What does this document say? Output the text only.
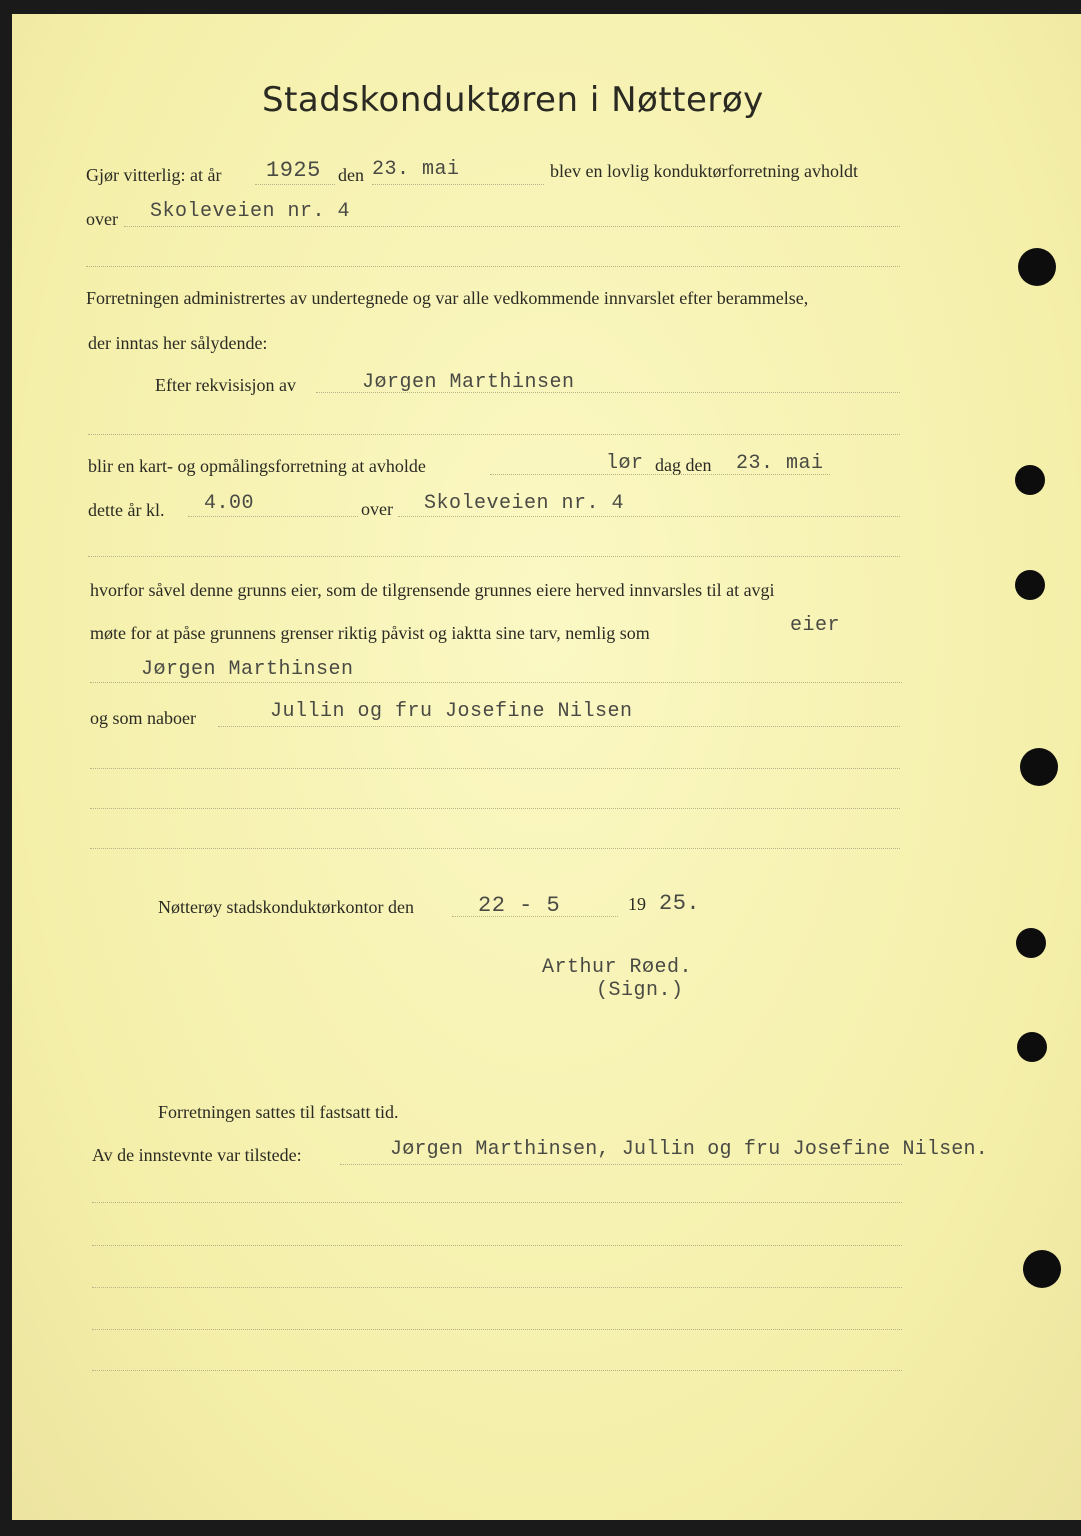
Stadskonduktøren i Nøtterøy
Gjør vitterlig: at år 1925 den 23. mai	blev en lovlig konduktørforretning avholdt
over Skoleveien nr. 4
Forretningen administrertes av undertegnede og var alle vedkommende innvarslet efter berammelse,
der inntas her sålydende:
Efter rekvisisjon av	Jørgen Marthinsen
blir en kart- og opmålingsforretning at avholde	lør dag den 23. mai
dette år kl. 4.00	over Skoleveien nr. 4
hvorfor såvel denne grunns eier, som de tilgrensende grunnes eiere herved innvarsles til at avgi
møte for at påse grunnens grenser riktig påvist og iaktta sine tarv, nemlig som	eier
Jørgen Marthinsen
og som naboer	Jullin og fru Josefine Nilsen
Nøtterøy stadskonduktørkontor den	22 - 5	19 25.
Arthur Røed.
(Sign.)
Forretningen sattes til fastsatt tid.
Av de innstevnte var tilstede:	Jørgen Marthinsen, Jullin og fru Josefine Nilsen.
